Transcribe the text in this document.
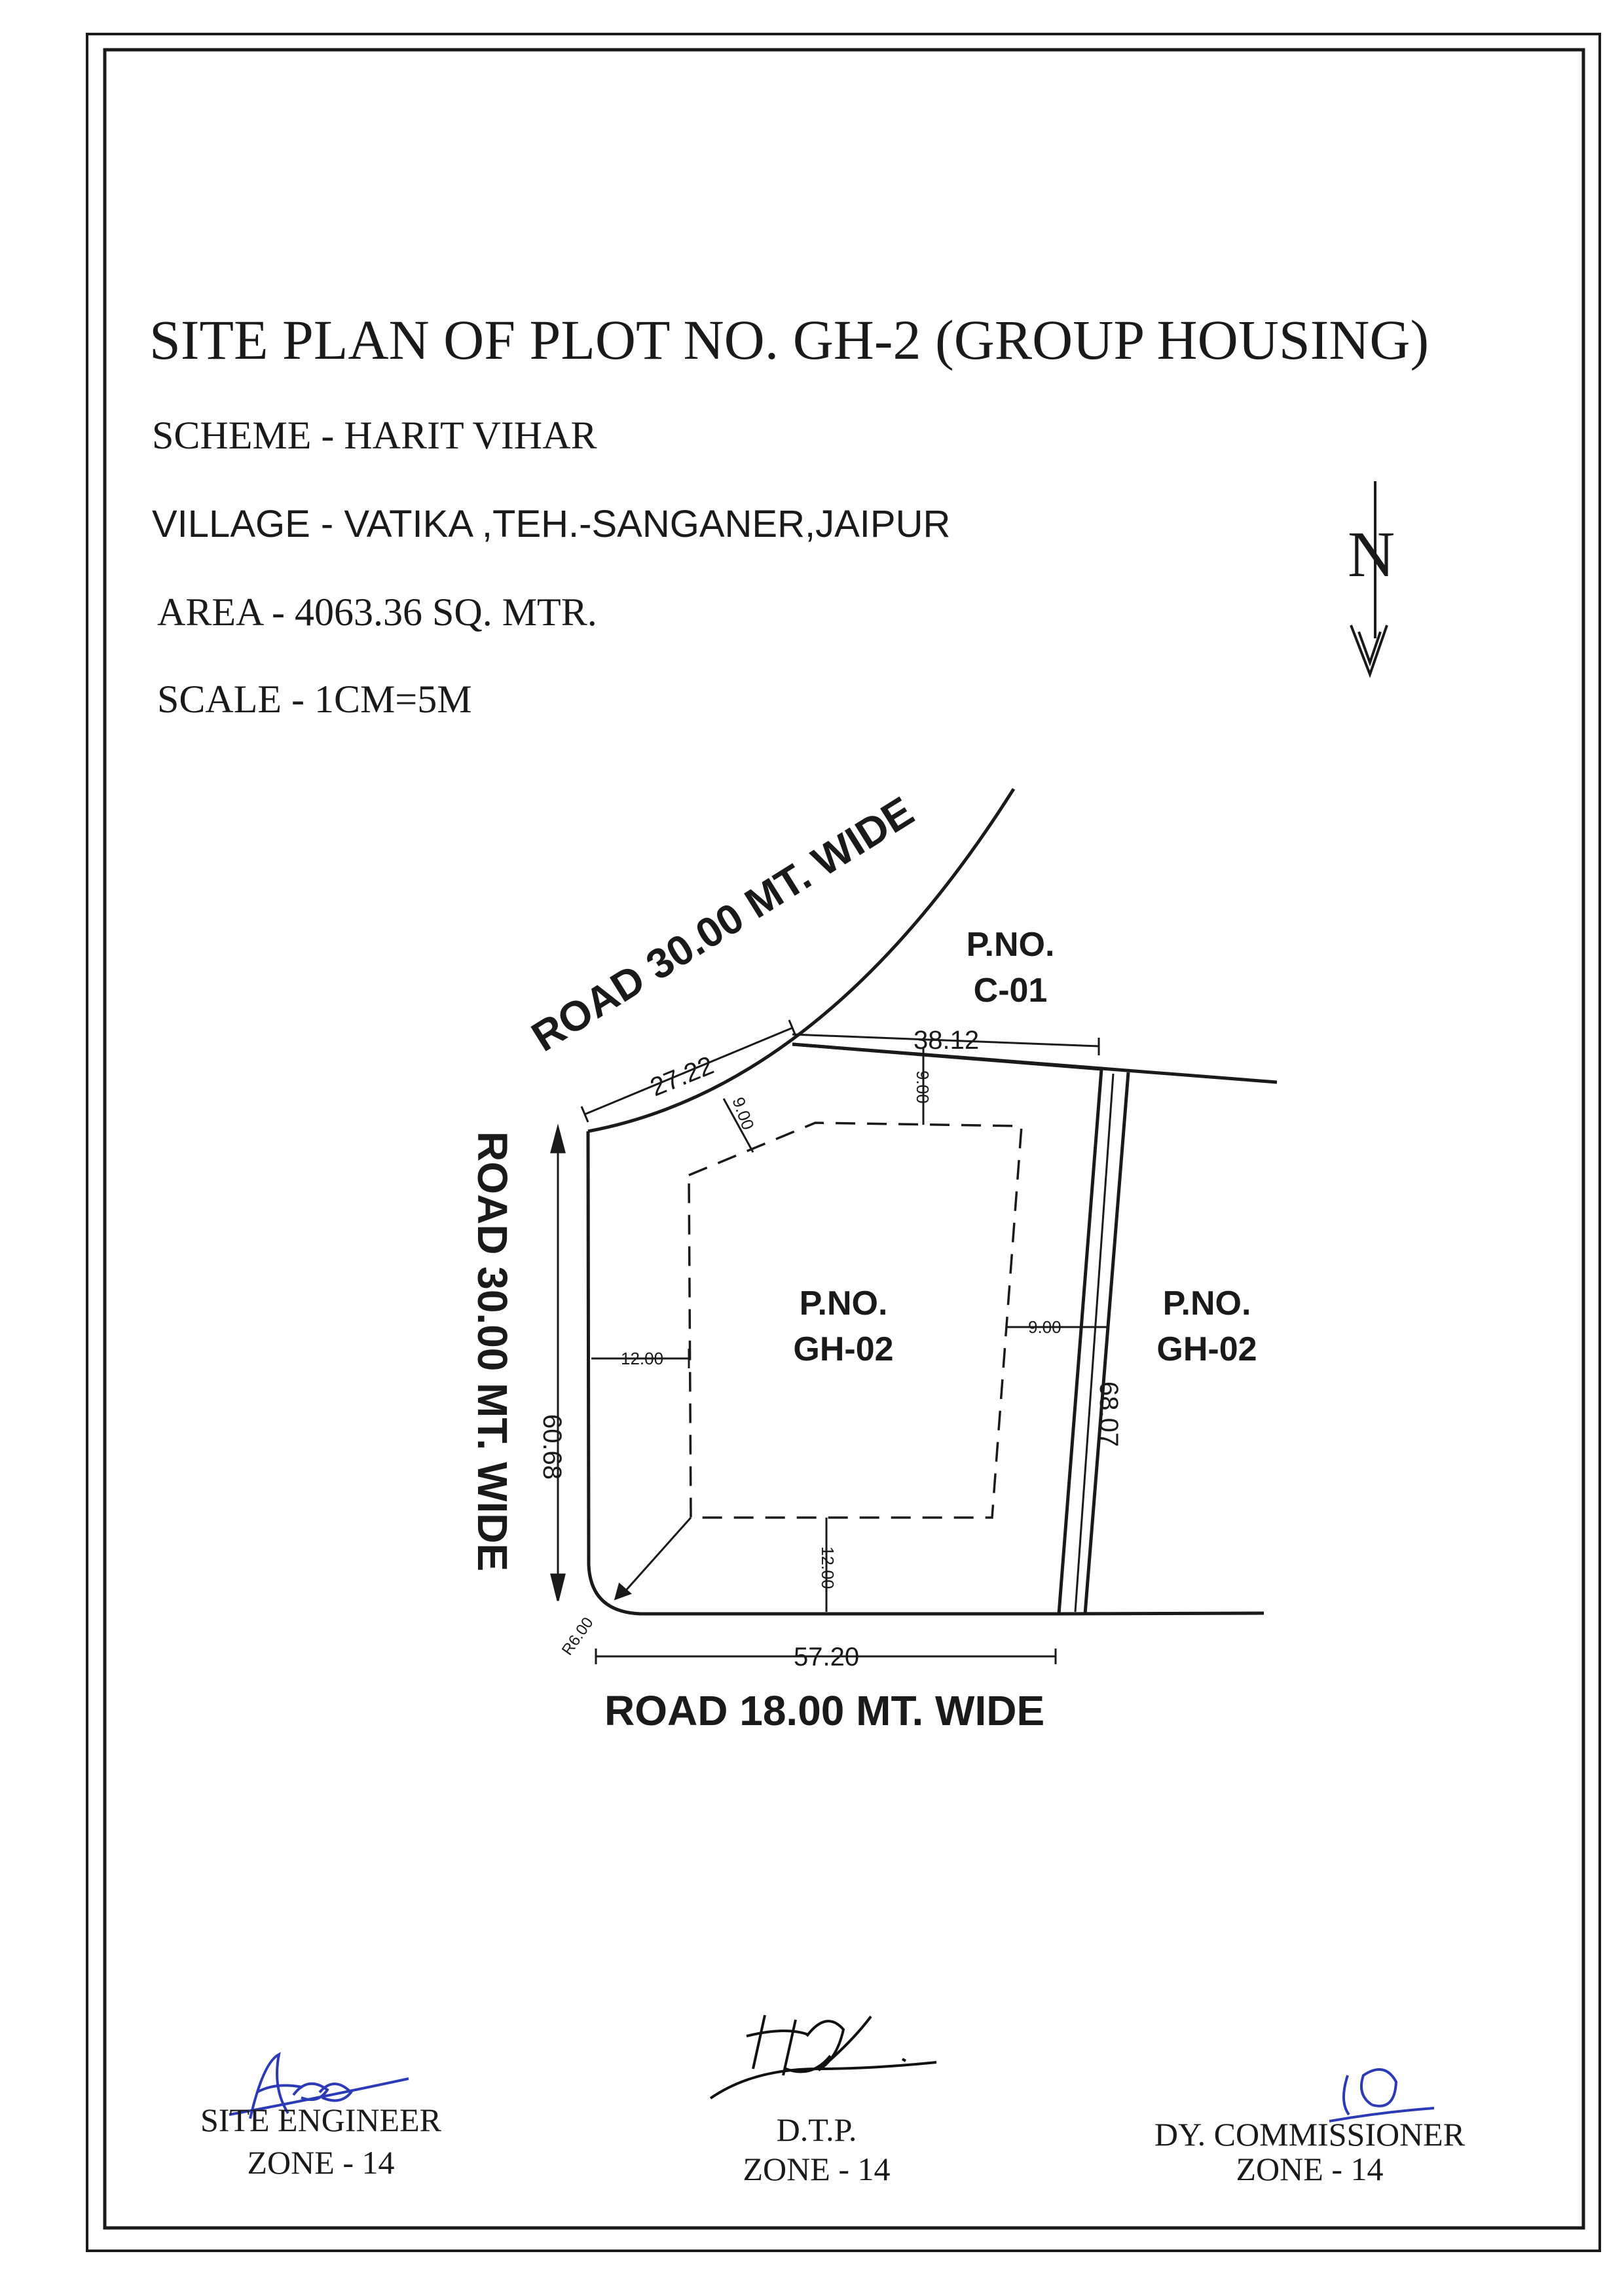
SITE PLAN OF PLOT NO. GH-2 (GROUP HOUSING)
SCHEME - HARIT VIHAR
VILLAGE - VATIKA ,TEH.-SANGANER,JAIPUR
AREA - 4063.36 SQ. MTR.
SCALE - 1CM=5M
N
ROAD 30.00 MT. WIDE
ROAD 30.00 MT. WIDE
ROAD 18.00 MT. WIDE
P.NO.
GH-02
P.NO.
C-01
P.NO.
GH-02
27.22
38.12
60.68	68.07
57.20
9.00
9.00
12.00
9.00
12.00
R6.00
SITE ENGINEER
ZONE - 14
D.T.P.
ZONE - 14
DY. COMMISSIONER
ZONE - 14
